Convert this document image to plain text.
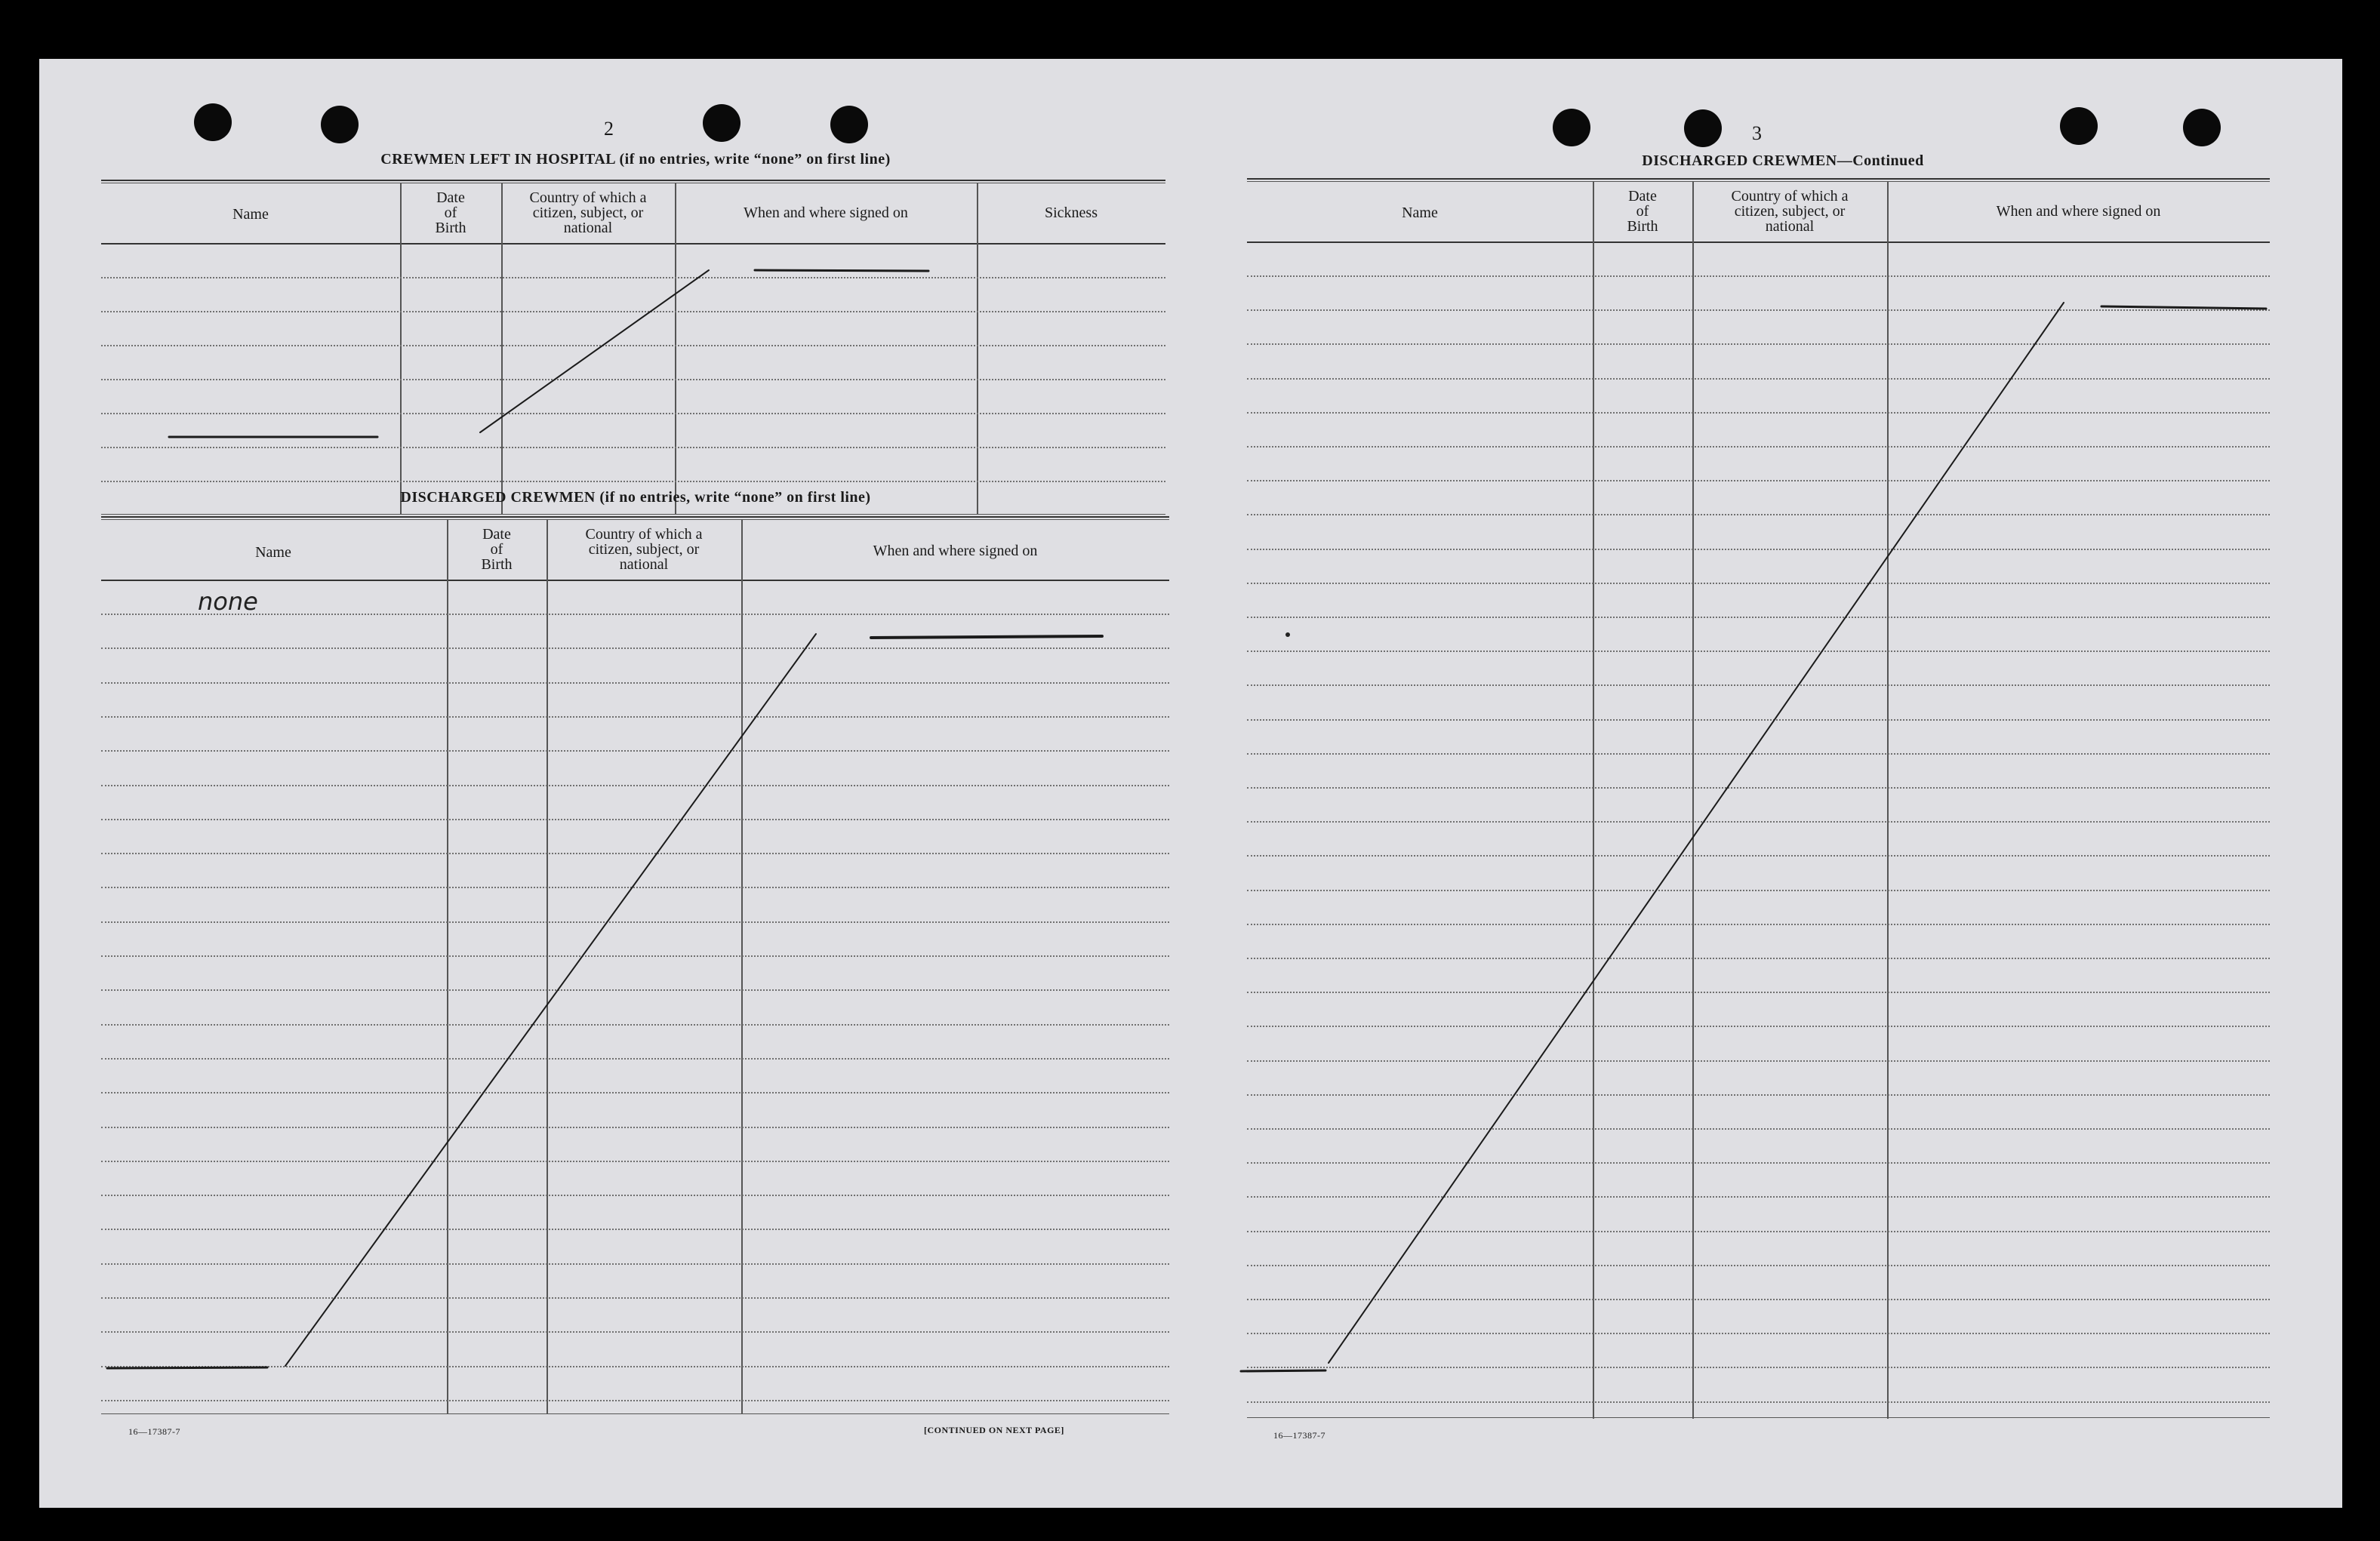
2
CREWMEN LEFT IN HOSPITAL (if no entries, write “none” on first line)
Name
Date
of
Birth
Country of which a
citizen, subject, or
national
When and where signed on	Sickness
DISCHARGED CREWMEN (if no entries, write “none” on first line)
Name
Date
of
Birth
Country of which a
citizen, subject, or
national
When and where signed on
none
16—17387-7	[CONTINUED ON NEXT PAGE]
3
DISCHARGED CREWMEN—Continued
Name
Date
of
Birth
Country of which a
citizen, subject, or
national
When and where signed on
16—17387-7
